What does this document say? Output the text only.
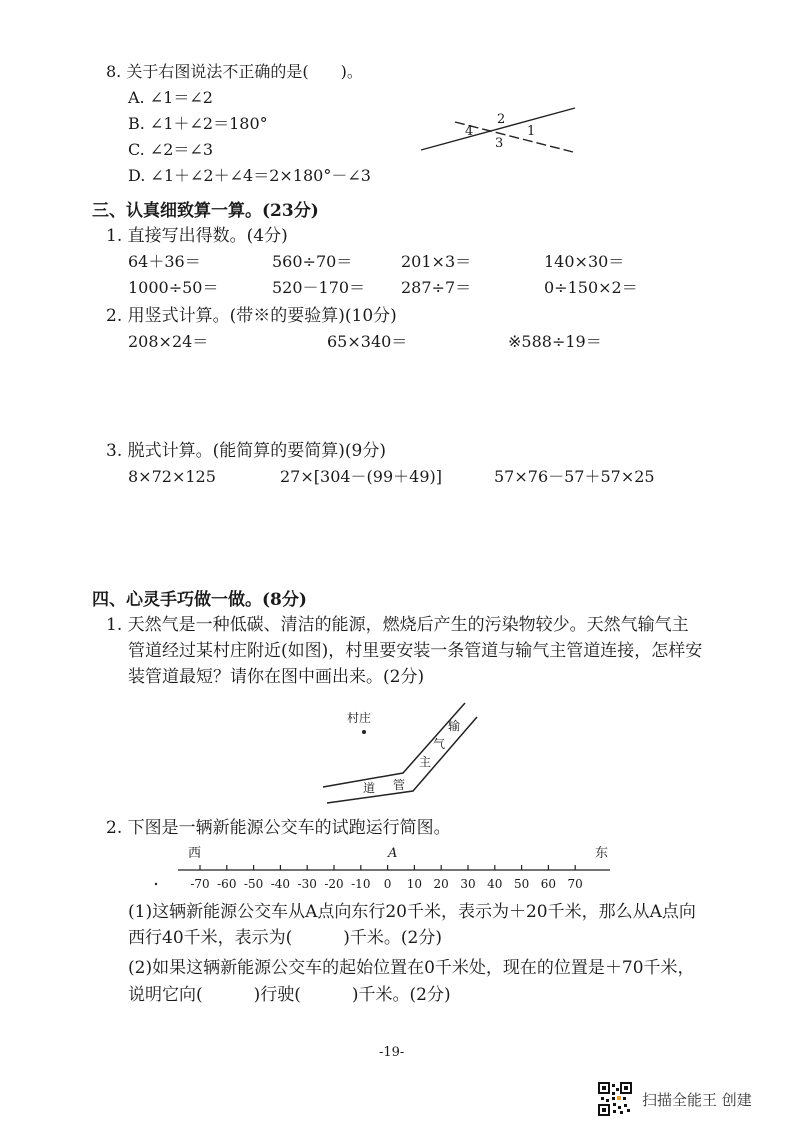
8. 关于右图说法不正确的是(　　)。
A. ∠1＝∠2
B. ∠1＋∠2＝180°
C. ∠2＝∠3
D. ∠1＋∠2＋∠4＝2×180°－∠3
4
2
1
3
三、认真细致算一算。(23分)
1. 直接写出得数。(4分)
64＋36＝	560÷70＝	201×3＝	140×30＝
1000÷50＝	520－170＝ 287÷7＝	0÷150×2＝
2. 用竖式计算。(带※的要验算)(10分)
208×24＝	65×340＝	※588÷19＝
3. 脱式计算。(能简算的要简算)(9分)
8×72×125	27×[304－(99＋49)]	57×76－57＋57×25
四、心灵手巧做一做。(8分)
1. 天然气是一种低碳、清洁的能源，燃烧后产生的污染物较少。天然气输气主
管道经过某村庄附近(如图)，村里要安装一条管道与输气主管道连接，怎样安
装管道最短？请你在图中画出来。(2分)
村庄
输
气
主
道 管
2. 下图是一辆新能源公交车的试跑运行简图。
西	A	东
-70 -60 -50 -40 -30 -20 -10 0 10 20 30 40 50 60 70
(1)这辆新能源公交车从A点向东行20千米，表示为＋20千米，那么从A点向
西行40千米，表示为(　　　)千米。(2分)
(2)如果这辆新能源公交车的起始位置在0千米处，现在的位置是＋70千米，
说明它向(　　　)行驶(　　　)千米。(2分)
-19-
扫描全能王 创建
